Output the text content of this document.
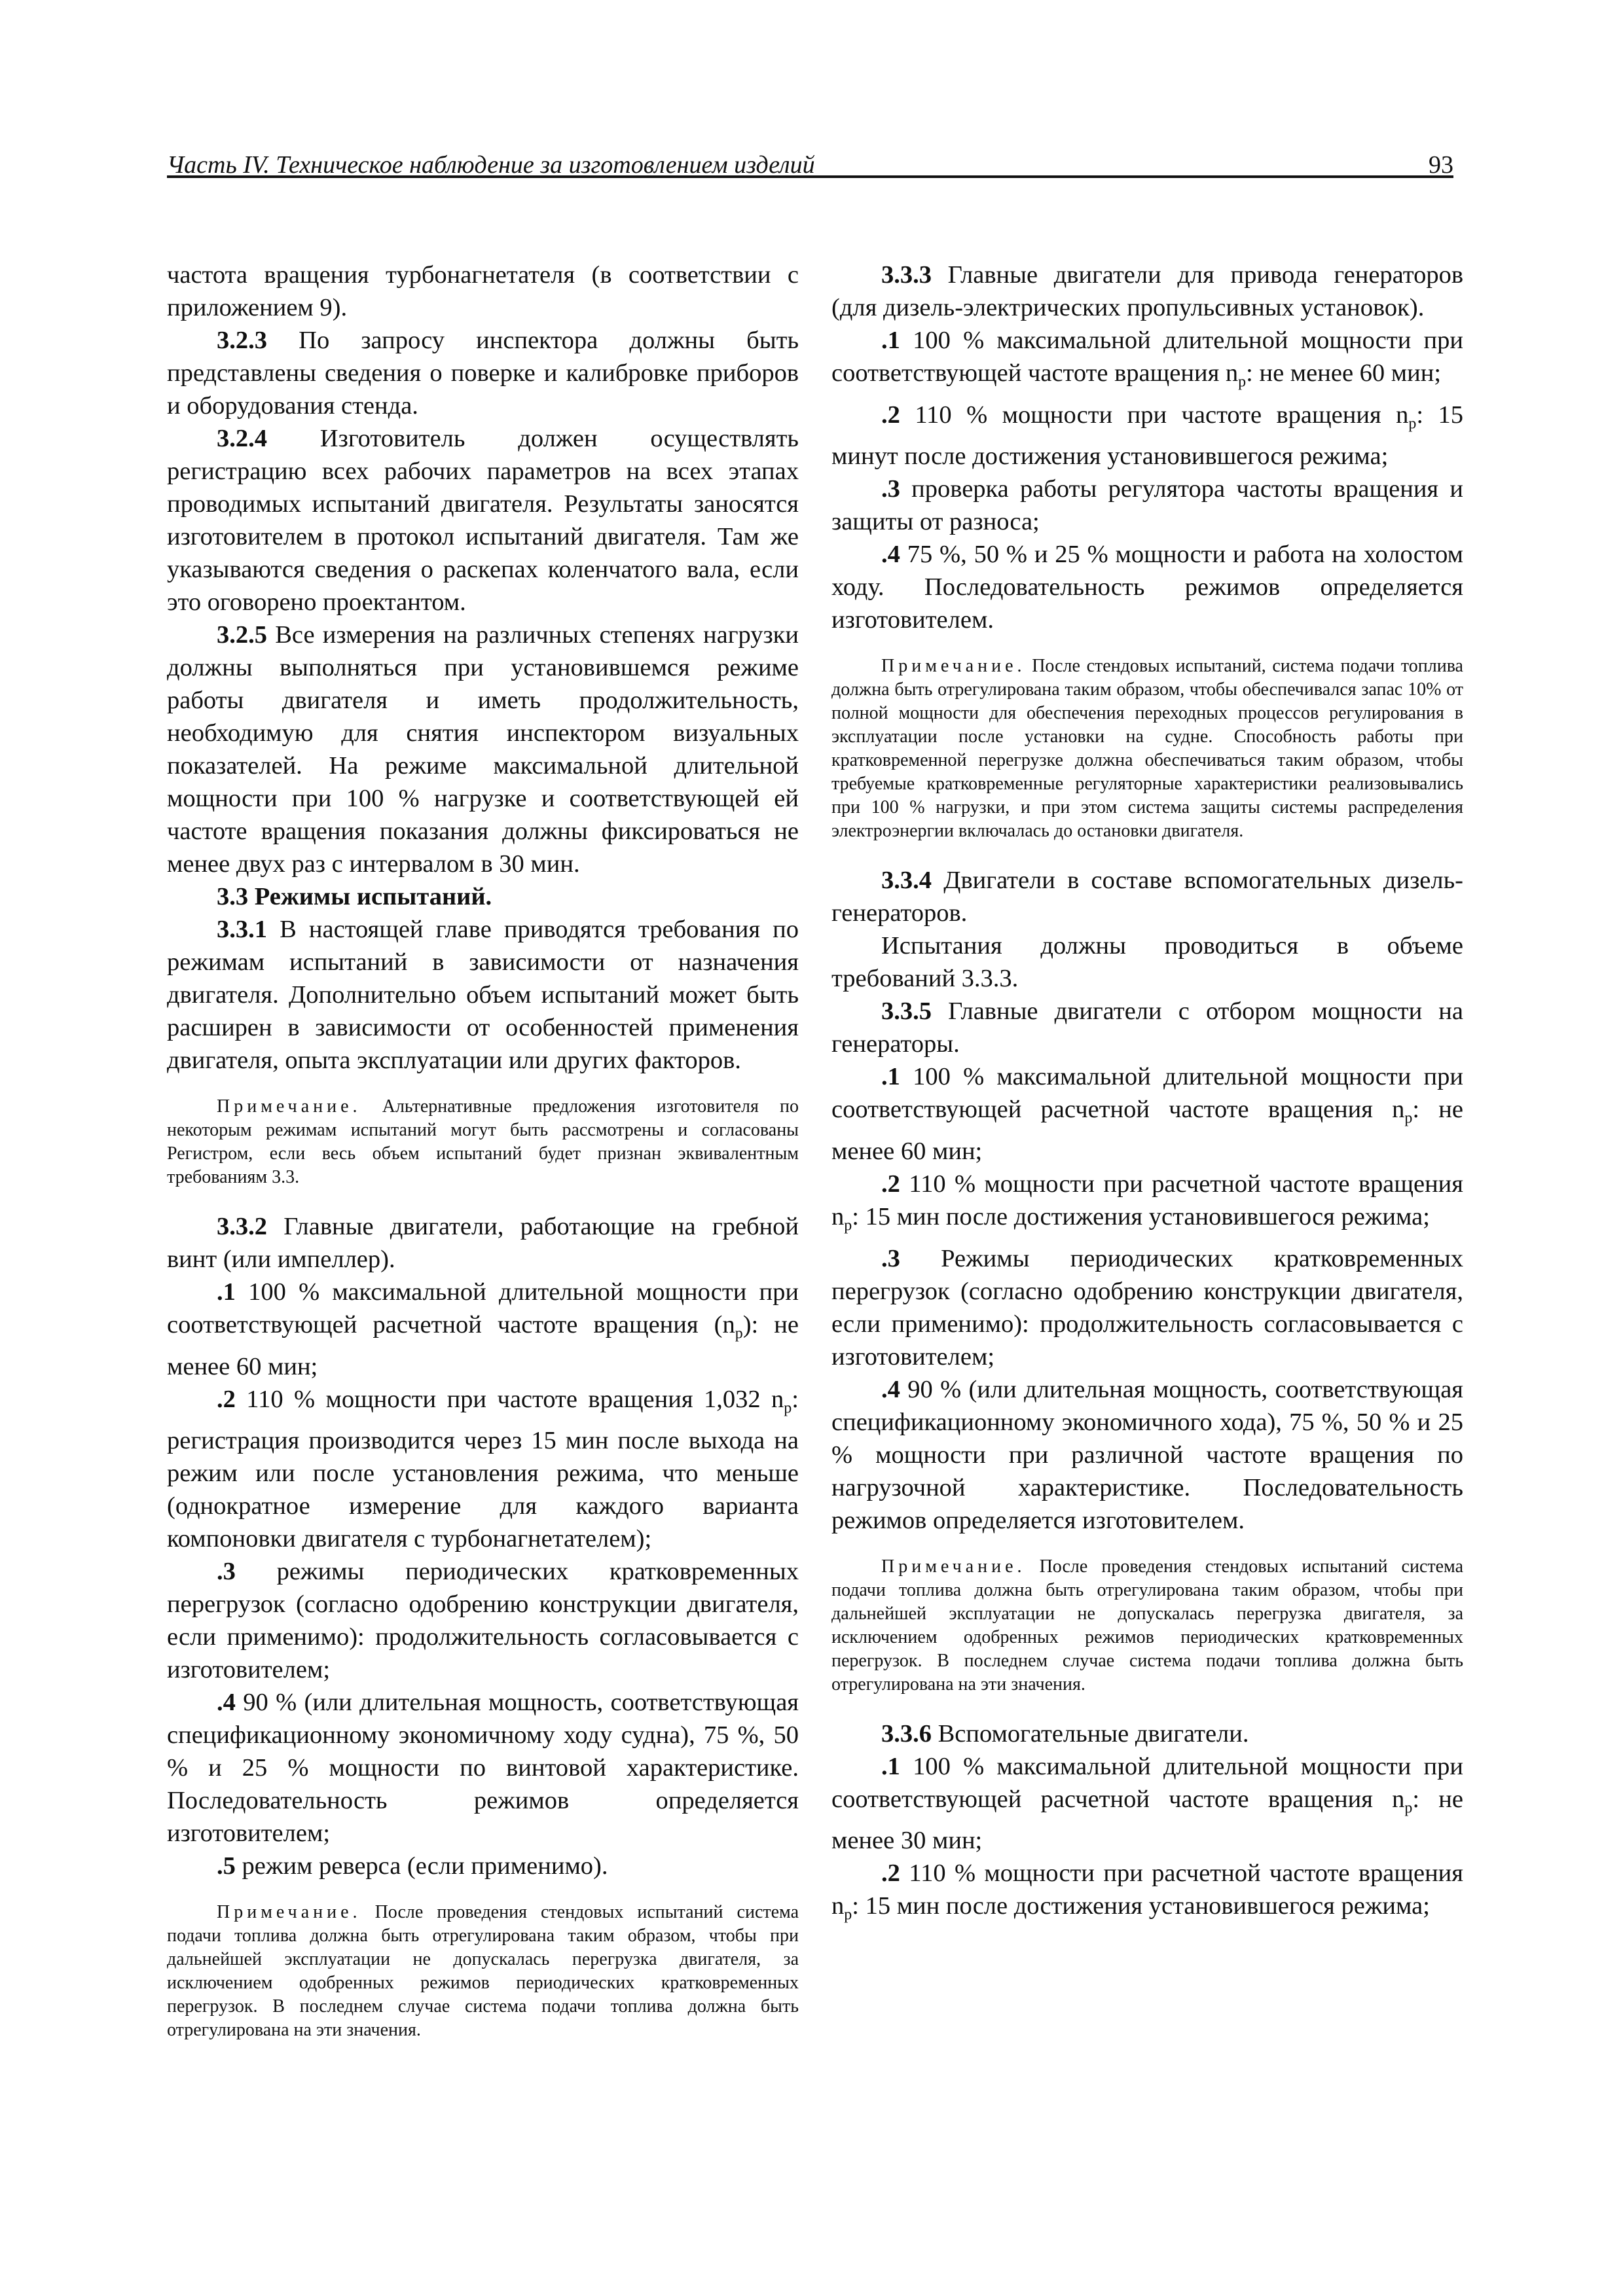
Часть IV. Техническое наблюдение за изготовлением изделий	93

частота вращения турбонагнетателя (в соответствии с приложением 9).

3.2.3 По запросу инспектора должны быть представлены сведения о поверке и калибровке приборов и оборудования стенда.

3.2.4 Изготовитель должен осуществлять регистрацию всех рабочих параметров на всех этапах проводимых испытаний двигателя. Результаты заносятся изготовителем в протокол испытаний двигателя. Там же указываются сведения о раскепах коленчатого вала, если это оговорено проектантом.

3.2.5 Все измерения на различных степенях нагрузки должны выполняться при установившемся режиме работы двигателя и иметь продолжительность, необходимую для снятия инспектором визуальных показателей. На режиме максимальной длительной мощности при 100 % нагрузке и соответствующей ей частоте вращения показания должны фиксироваться не менее двух раз с интервалом в 30 мин.

3.3 Режимы испытаний.

3.3.1 В настоящей главе приводятся требования по режимам испытаний в зависимости от назначения двигателя. Дополнительно объем испытаний может быть расширен в зависимости от особенностей применения двигателя, опыта эксплуатации или других факторов.

Примечание. Альтернативные предложения изготовителя по некоторым режимам испытаний могут быть рассмотрены и согласованы Регистром, если весь объем испытаний будет признан эквивалентным требованиям 3.3.

3.3.2 Главные двигатели, работающие на гребной винт (или импеллер).

.1 100 % максимальной длительной мощности при соответствующей расчетной частоте вращения $(n_р)$: не менее 60 мин;

.2 110 % мощности при частоте вращения 1,032 $n_р$: регистрация производится через 15 мин после выхода на режим или после установления режима, что меньше (однократное измерение для каждого варианта компоновки двигателя с турбонагнетателем);

.3 режимы периодических кратковременных перегрузок (согласно одобрению конструкции двигателя, если применимо): продолжительность согласовывается с изготовителем;

.4 90 % (или длительная мощность, соответствующая спецификационному экономичному ходу судна), 75 %, 50 % и 25 % мощности по винтовой характеристике. Последовательность режимов определяется изготовителем;

.5 режим реверса (если применимо).

Примечание. После проведения стендовых испытаний система подачи топлива должна быть отрегулирована таким образом, чтобы при дальнейшей эксплуатации не допускалась перегрузка двигателя, за исключением одобренных режимов периодических кратковременных перегрузок. В последнем случае система подачи топлива должна быть отрегулирована на эти значения.

3.3.3 Главные двигатели для привода генераторов (для дизель-электрических пропульсивных установок).

.1 100 % максимальной длительной мощности при соответствующей частоте вращения $n_р$: не менее 60 мин;

.2 110 % мощности при частоте вращения $n_р$: 15 минут после достижения установившегося режима;

.3 проверка работы регулятора частоты вращения и защиты от разноса;

.4 75 %, 50 % и 25 % мощности и работа на холостом ходу. Последовательность режимов определяется изготовителем.

Примечание. После стендовых испытаний, система подачи топлива должна быть отрегулирована таким образом, чтобы обеспечивался запас 10% от полной мощности для обеспечения переходных процессов регулирования в эксплуатации после установки на судне. Способность работы при кратковременной перегрузке должна обеспечиваться таким образом, чтобы требуемые кратковременные регуляторные характеристики реализовывались при 100 % нагрузки, и при этом система защиты системы распределения электроэнергии включалась до остановки двигателя.

3.3.4 Двигатели в составе вспомогательных дизель-генераторов.

Испытания должны проводиться в объеме требований 3.3.3.

3.3.5 Главные двигатели с отбором мощности на генераторы.

.1 100 % максимальной длительной мощности при соответствующей расчетной частоте вращения $n_р$: не менее 60 мин;

.2 110 % мощности при расчетной частоте вращения $n_р$: 15 мин после достижения установившегося режима;

.3 Режимы периодических кратковременных перегрузок (согласно одобрению конструкции двигателя, если применимо): продолжительность согласовывается с изготовителем;

.4 90 % (или длительная мощность, соответствующая спецификационному экономичного хода), 75 %, 50 % и 25 % мощности при различной частоте вращения по нагрузочной характеристике. Последовательность режимов определяется изготовителем.

Примечание. После проведения стендовых испытаний система подачи топлива должна быть отрегулирована таким образом, чтобы при дальнейшей эксплуатации не допускалась перегрузка двигателя, за исключением одобренных режимов периодических кратковременных перегрузок. В последнем случае система подачи топлива должна быть отрегулирована на эти значения.

3.3.6 Вспомогательные двигатели.

.1 100 % максимальной длительной мощности при соответствующей расчетной частоте вращения $n_р$: не менее 30 мин;

.2 110 % мощности при расчетной частоте вращения $n_р$: 15 мин после достижения установившегося режима;
